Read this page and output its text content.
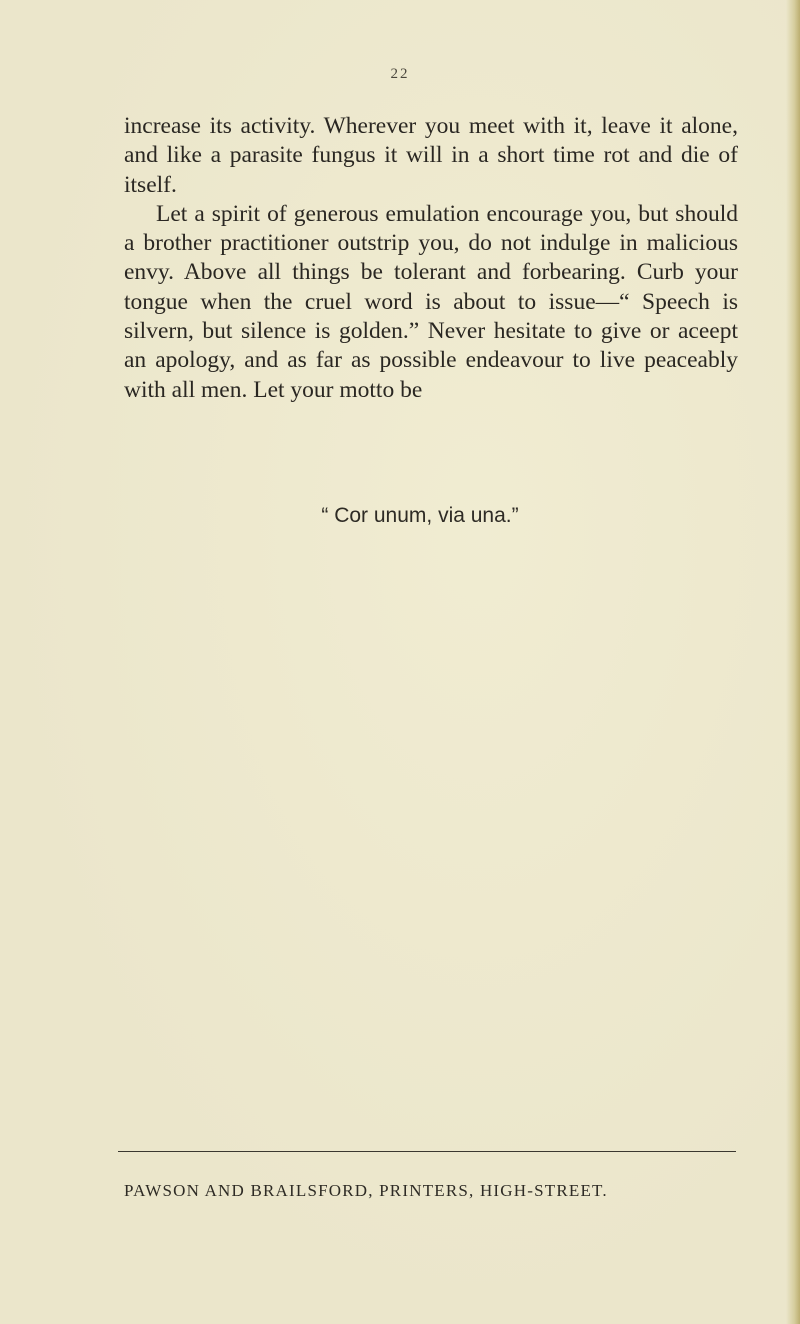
22

increase its activity. Wherever you meet with it, leave it alone, and like a parasite fungus it will in a short time rot and die of itself.

Let a spirit of generous emulation encourage you, but should a brother practitioner outstrip you, do not indulge in malicious envy. Above all things be tolerant and forbearing. Curb your tongue when the cruel word is about to issue—“ Speech is silvern, but silence is golden.” Never hesitate to give or aceept an apology, and as far as possible endeavour to live peaceably with all men. Let your motto be

“ Cor unum, via una.”
PAWSON AND BRAILSFORD, PRINTERS, HIGH-STREET.
